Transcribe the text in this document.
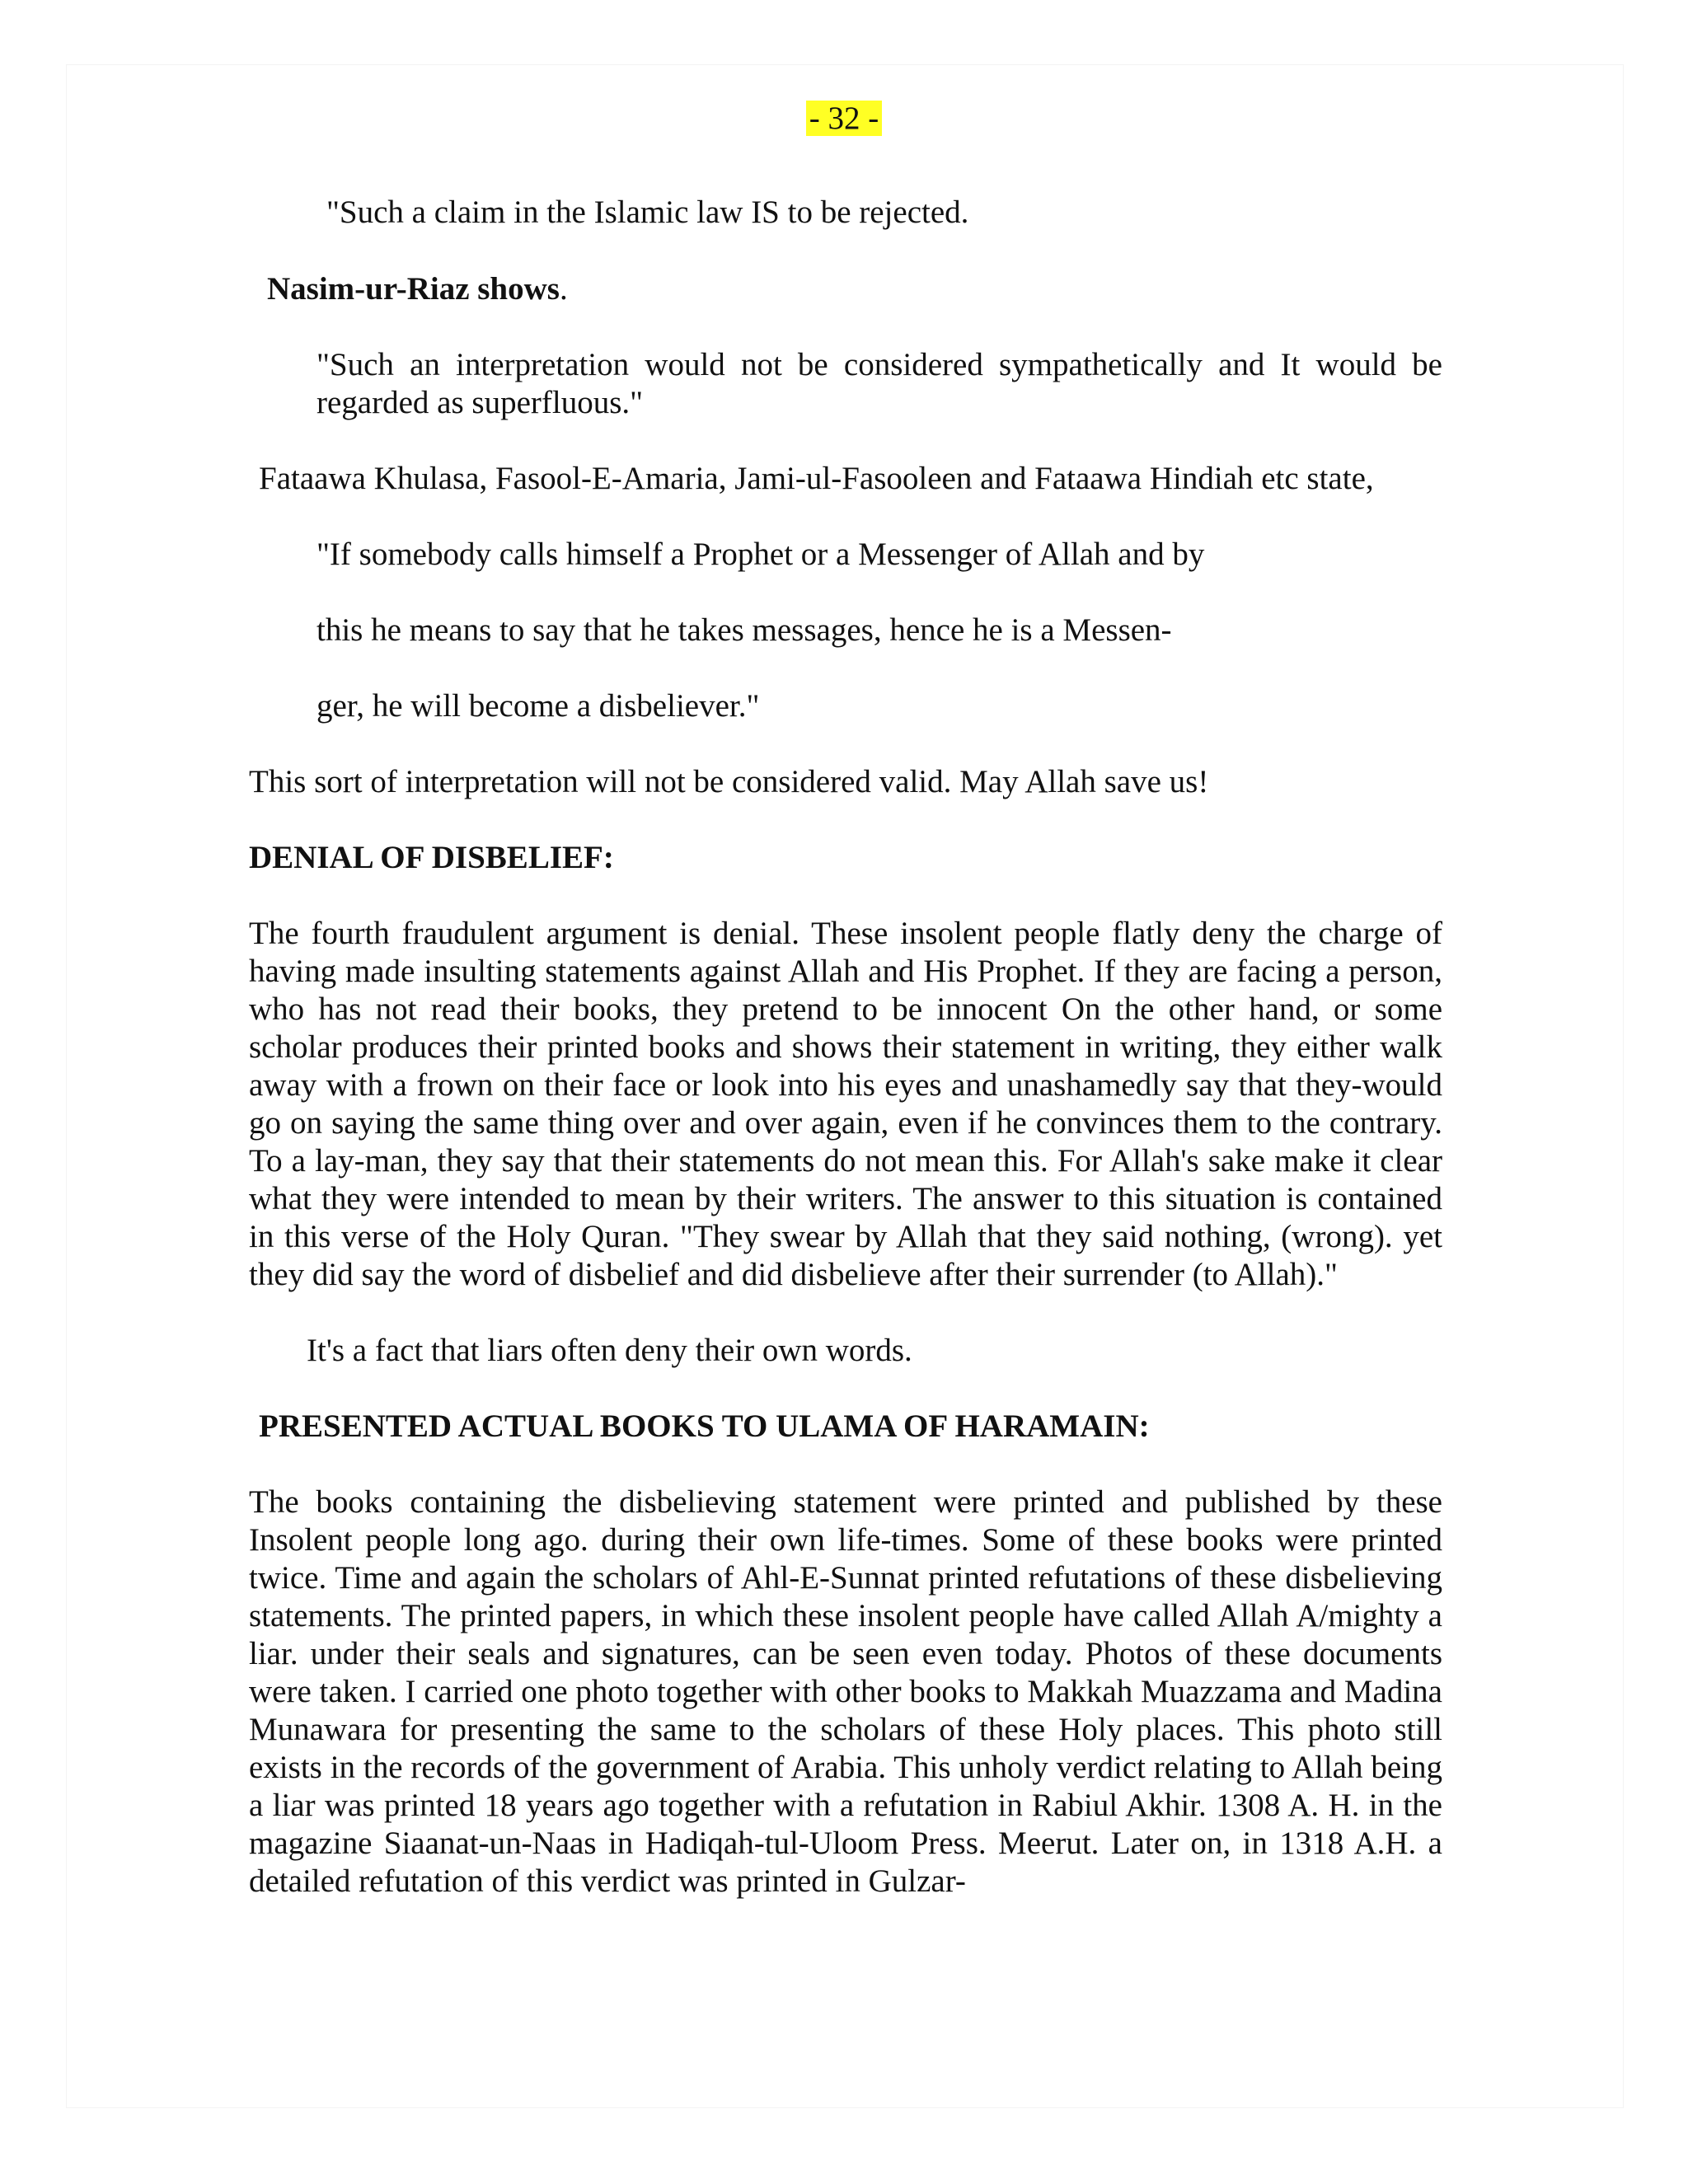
- 32 -

"Such a claim in the Islamic law IS to be rejected.

Nasim-ur-Riaz shows.

"Such an interpretation would not be considered sympathetically and It would be regarded as superfluous."

Fataawa Khulasa, Fasool-E-Amaria, Jami-ul-Fasooleen and Fataawa Hindiah etc state,

"If somebody calls himself a Prophet or a Messenger of Allah and by

this he means to say that he takes messages, hence he is a Messen-

ger, he will become a disbeliever."

This sort of interpretation will not be considered valid. May Allah save us!

DENIAL OF DISBELIEF:

The fourth fraudulent argument is denial. These insolent people flatly deny the charge of having made insulting statements against Allah and His Prophet. If they are facing a person, who has not read their books, they pretend to be innocent On the other hand, or some scholar produces their printed books and shows their statement in writing, they either walk away with a frown on their face or look into his eyes and unashamedly say that they-would go on saying the same thing over and over again, even if he convinces them to the contrary. To a lay-man, they say that their statements do not mean this. For Allah's sake make it clear what they were intended to mean by their writers. The answer to this situation is contained in this verse of the Holy Quran. "They swear by Allah that they said nothing, (wrong). yet they did say the word of disbelief and did disbelieve after their surrender (to Allah)."

It's a fact that liars often deny their own words.

PRESENTED ACTUAL BOOKS TO ULAMA OF HARAMAIN:

The books containing the disbelieving statement were printed and published by these Insolent people long ago. during their own life-times. Some of these books were printed twice. Time and again the scholars of Ahl-E-Sunnat printed refutations of these disbelieving statements. The printed papers, in which these insolent people have called Allah A/mighty a liar. under their seals and signatures, can be seen even today. Photos of these documents were taken. I carried one photo together with other books to Makkah Muazzama and Madina Munawara for presenting the same to the scholars of these Holy places. This photo still exists in the records of the government of Arabia. This unholy verdict relating to Allah being a liar was printed 18 years ago together with a refutation in Rabiul Akhir. 1308 A. H. in the magazine Siaanat-un-Naas in Hadiqah-tul-Uloom Press. Meerut. Later on, in 1318 A.H. a detailed refutation of this verdict was printed in Gulzar-
